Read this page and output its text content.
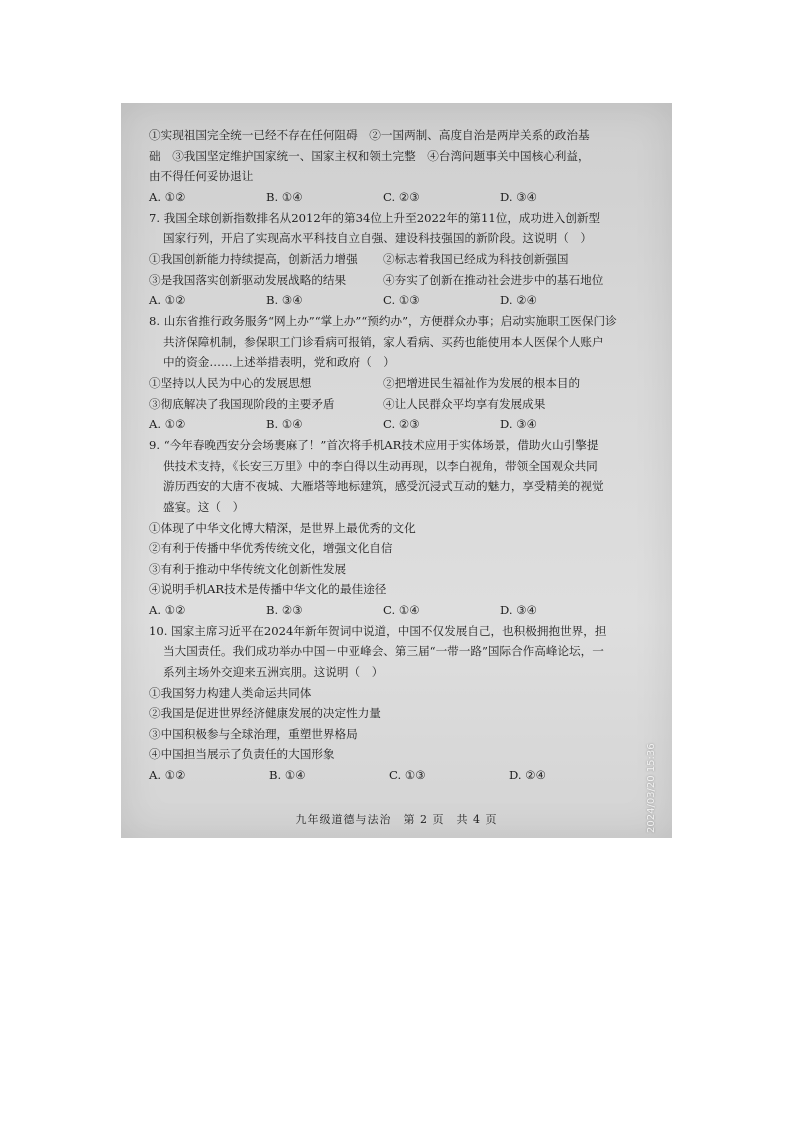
①实现祖国完全统一已经不存在任何阻碍　②一国两制、高度自治是两岸关系的政治基
础　③我国坚定维护国家统一、国家主权和领土完整　④台湾问题事关中国核心利益，
由不得任何妥协退让
A. ①②	B. ①④	C. ②③	D. ③④
7. 我国全球创新指数排名从2012年的第34位上升至2022年的第11位，成功进入创新型
国家行列，开启了实现高水平科技自立自强、建设科技强国的新阶段。这说明（　）
①我国创新能力持续提高，创新活力增强	②标志着我国已经成为科技创新强国
③是我国落实创新驱动发展战略的结果	④夯实了创新在推动社会进步中的基石地位
A. ①②	B. ③④	C. ①③	D. ②④
8. 山东省推行政务服务“网上办”“掌上办”“预约办”，方便群众办事；启动实施职工医保门诊
共济保障机制，参保职工门诊看病可报销，家人看病、买药也能使用本人医保个人账户
中的资金……上述举措表明，党和政府（　）
①坚持以人民为中心的发展思想	②把增进民生福祉作为发展的根本目的
③彻底解决了我国现阶段的主要矛盾	④让人民群众平均享有发展成果
A. ①②	B. ①④	C. ②③	D. ③④
9. “今年春晚西安分会场裹麻了！”首次将手机AR技术应用于实体场景，借助火山引擎提
供技术支持，《长安三万里》中的李白得以生动再现，以李白视角，带领全国观众共同
游历西安的大唐不夜城、大雁塔等地标建筑，感受沉浸式互动的魅力，享受精美的视觉
盛宴。这（　）
①体现了中华文化博大精深，是世界上最优秀的文化
②有利于传播中华优秀传统文化，增强文化自信
③有利于推动中华传统文化创新性发展
④说明手机AR技术是传播中华文化的最佳途径
A. ①②	B. ②③	C. ①④	D. ③④
10. 国家主席习近平在2024年新年贺词中说道，中国不仅发展自己，也积极拥抱世界，担
当大国责任。我们成功举办中国－中亚峰会、第三届“一带一路”国际合作高峰论坛，一
系列主场外交迎来五洲宾朋。这说明（　）
①我国努力构建人类命运共同体
②我国是促进世界经济健康发展的决定性力量
③中国积极参与全球治理，重塑世界格局
④中国担当展示了负责任的大国形象
A. ①②	B. ①④	C. ①③	D. ②④
九年级道德与法治　第 2 页　共 4 页	2024/03/20 15:36
